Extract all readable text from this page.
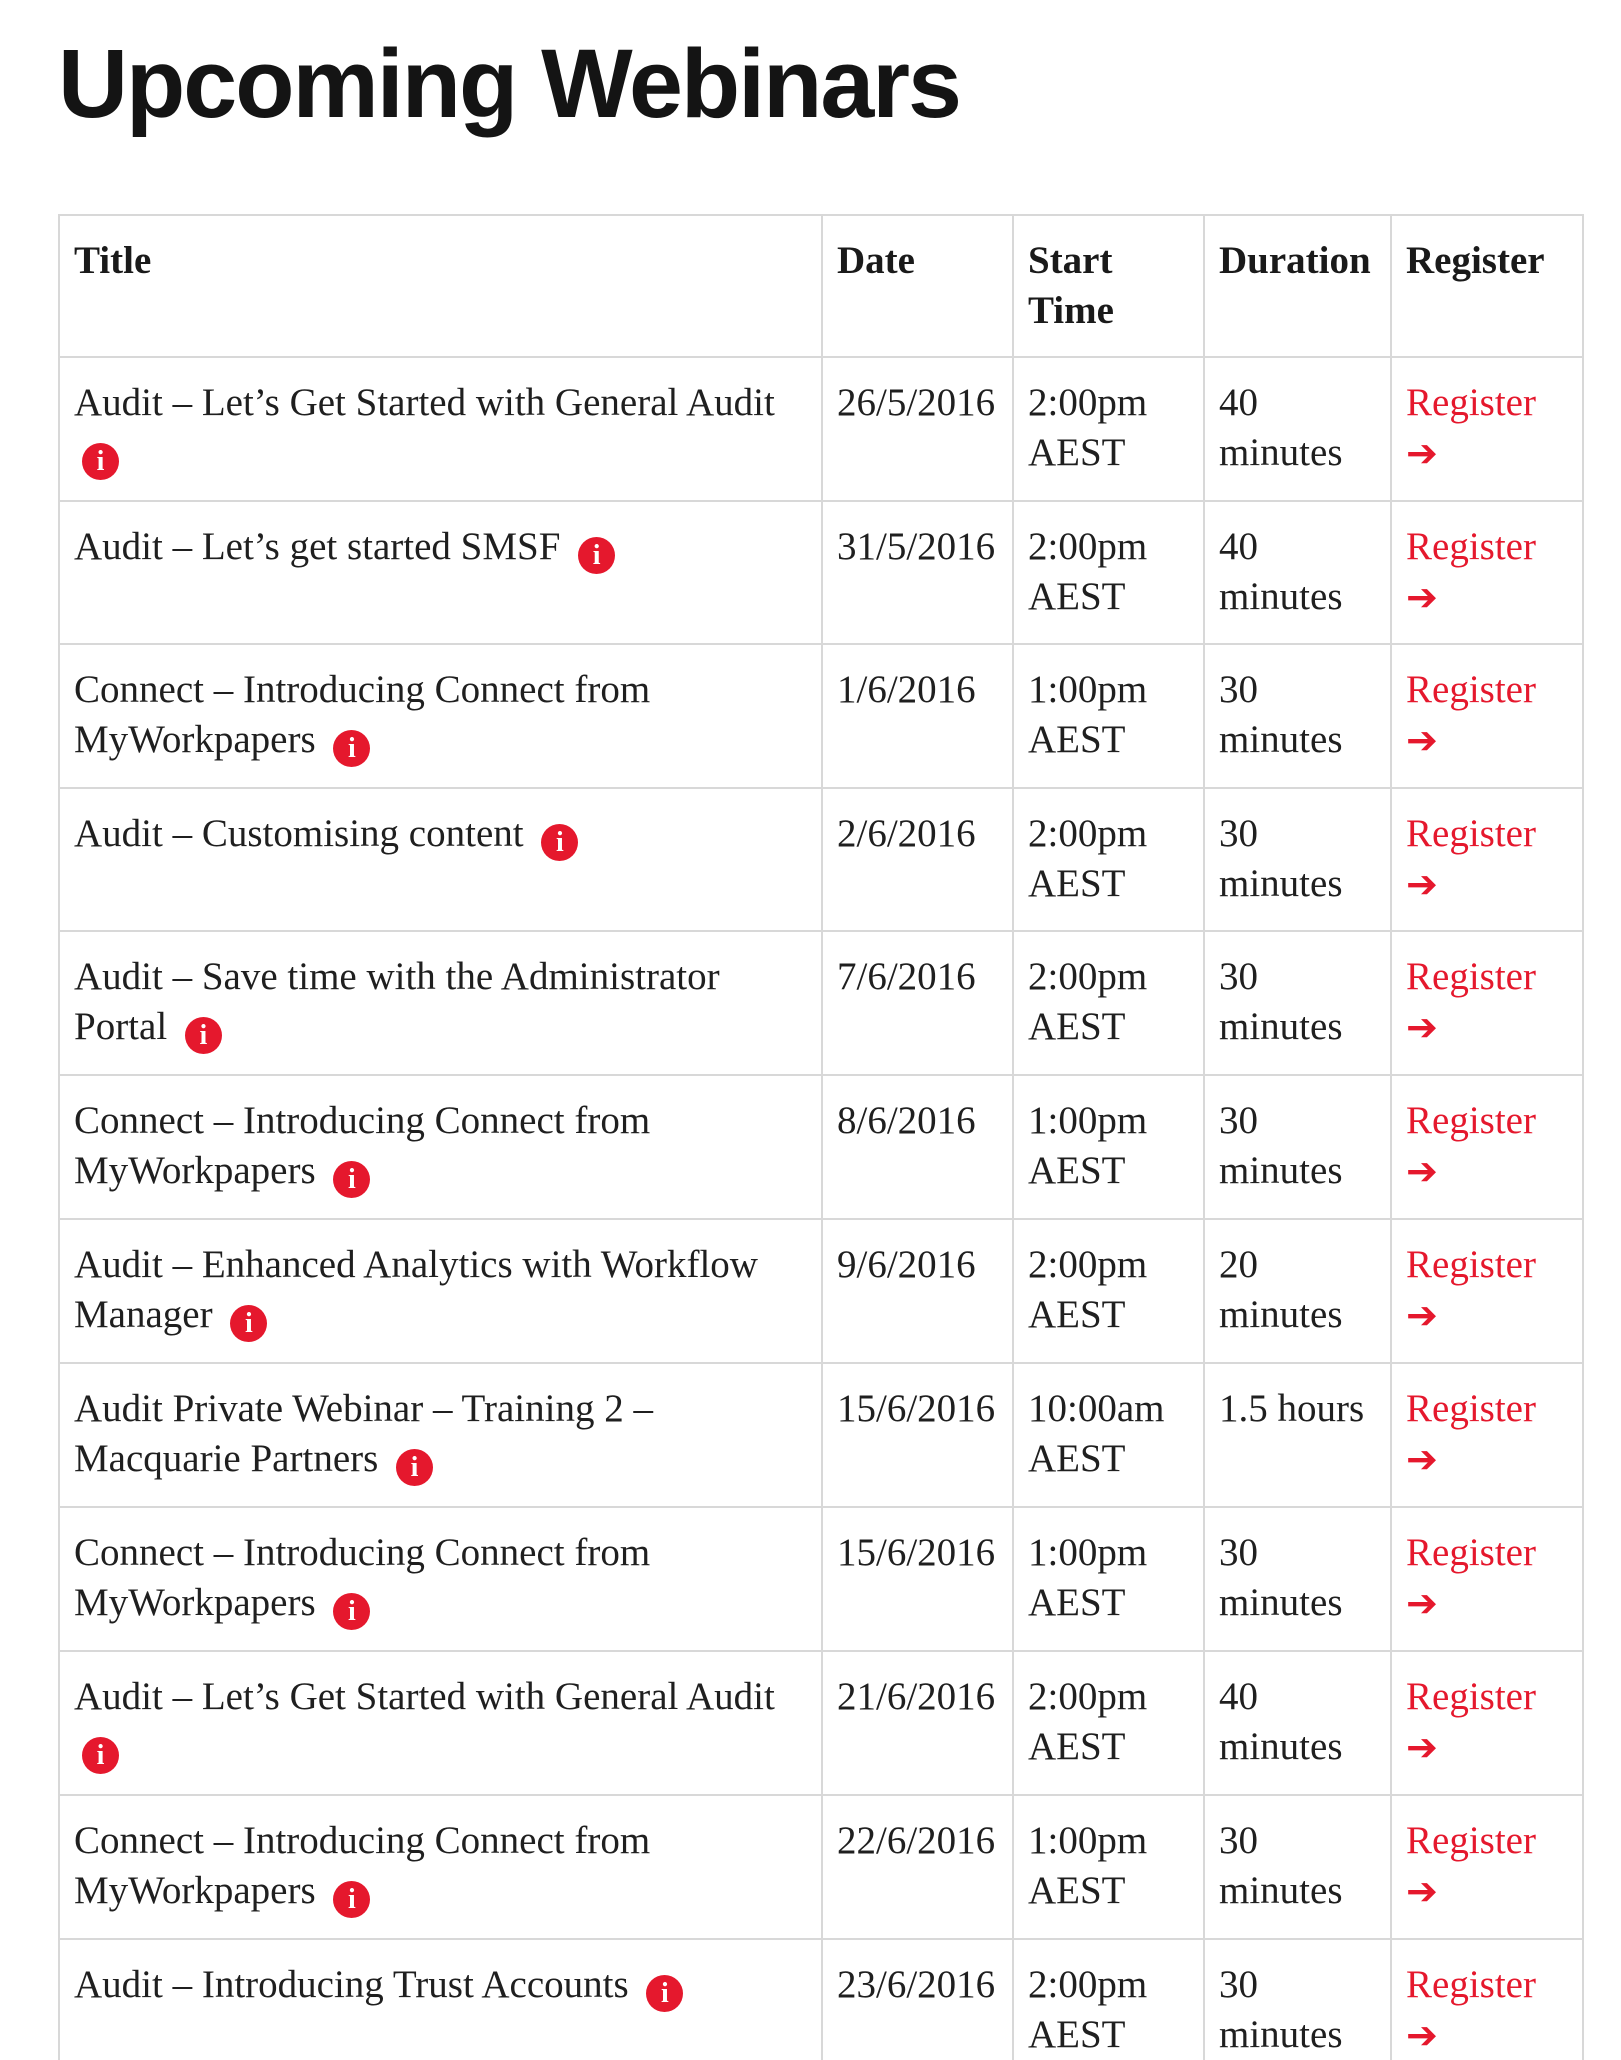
Upcoming Webinars
Title	Date	Start Time	Duration	Register
Audit – Let’s Get Started with General Audit i	26/5/2016	2:00pm AEST	40 minutes	Register ➔
Audit – Let’s get started SMSF i	31/5/2016	2:00pm AEST	40 minutes	Register ➔
Connect – Introducing Connect from MyWorkpapers i	1/6/2016	1:00pm AEST	30 minutes	Register ➔
Audit – Customising content i	2/6/2016	2:00pm AEST	30 minutes	Register ➔
Audit – Save time with the Administrator Portal i	7/6/2016	2:00pm AEST	30 minutes	Register ➔
Connect – Introducing Connect from MyWorkpapers i	8/6/2016	1:00pm AEST	30 minutes	Register ➔
Audit – Enhanced Analytics with Workflow Manager i	9/6/2016	2:00pm AEST	20 minutes	Register ➔
Audit Private Webinar – Training 2 – Macquarie Partners i	15/6/2016	10:00am AEST	1.5 hours	Register ➔
Connect – Introducing Connect from MyWorkpapers i	15/6/2016	1:00pm AEST	30 minutes	Register ➔
Audit – Let’s Get Started with General Audit i	21/6/2016	2:00pm AEST	40 minutes	Register ➔
Connect – Introducing Connect from MyWorkpapers i	22/6/2016	1:00pm AEST	30 minutes	Register ➔
Audit – Introducing Trust Accounts i	23/6/2016	2:00pm AEST	30 minutes	Register ➔
